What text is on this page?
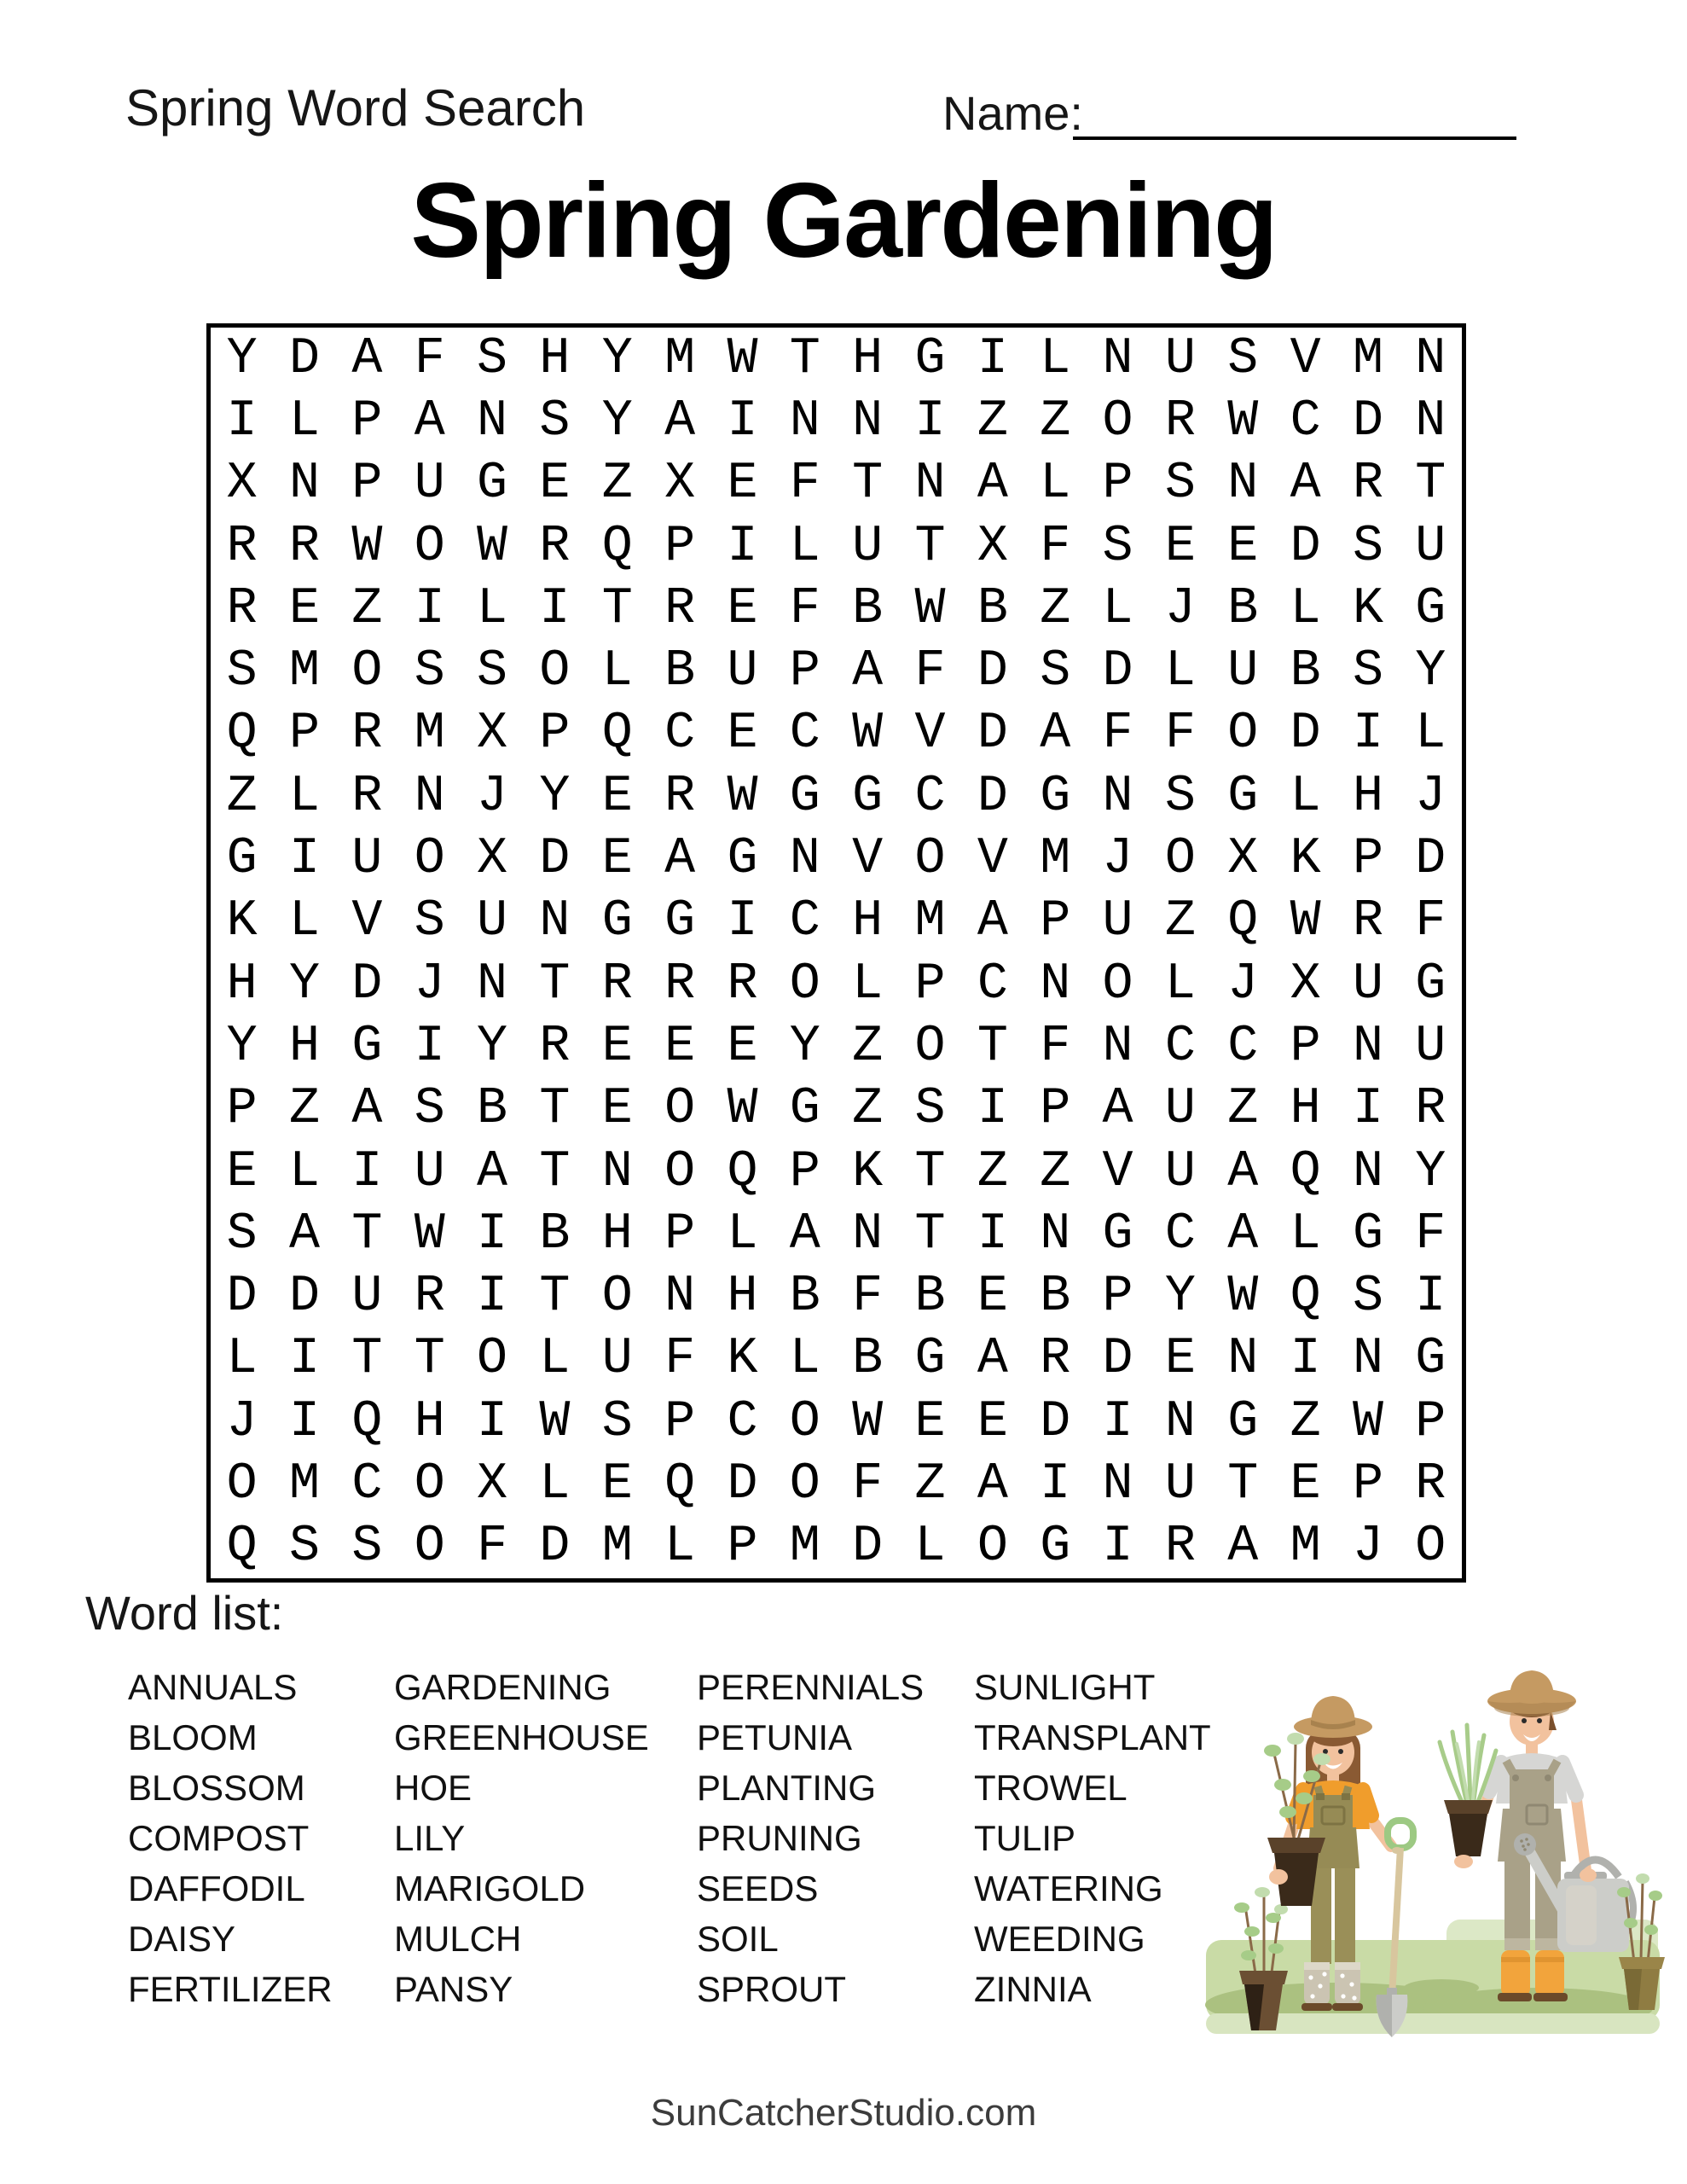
Spring Word Search	Name:
Spring Gardening
Y D A F S H Y M W T H G I L N U S V M N
I L P A N S Y A I N N I Z Z O R W C D N
X N P U G E Z X E F T N A L P S N A R T
R R W O W R Q P I L U T X F S E E D S U
R E Z I L I T R E F B W B Z L J B L K G
S M O S S O L B U P A F D S D L U B S Y
Q P R M X P Q C E C W V D A F F O D I L
Z L R N J Y E R W G G C D G N S G L H J
G I U O X D E A G N V O V M J O X K P D
K L V S U N G G I C H M A P U Z Q W R F
H Y D J N T R R R O L P C N O L J X U G
Y H G I Y R E E E Y Z O T F N C C P N U
P Z A S B T E O W G Z S I P A U Z H I R
E L I U A T N O Q P K T Z Z V U A Q N Y
S A T W I B H P L A N T I N G C A L G F
D D U R I T O N H B F B E B P Y W Q S I
L I T T O L U F K L B G A R D E N I N G
J I Q H I W S P C O W E E D I N G Z W P
O M C O X L E Q D O F Z A I N U T E P R
Q S S O F D M L P M D L O G I R A M J O
Word list:
ANNUALS
BLOOM
BLOSSOM
COMPOST
DAFFODIL
DAISY
FERTILIZER
GARDENING
GREENHOUSE
HOE
LILY
MARIGOLD
MULCH
PANSY
PERENNIALS
PETUNIA
PLANTING
PRUNING
SEEDS
SOIL
SPROUT
SUNLIGHT
TRANSPLANT
TROWEL
TULIP
WATERING
WEEDING
ZINNIA
SunCatcherStudio.com
